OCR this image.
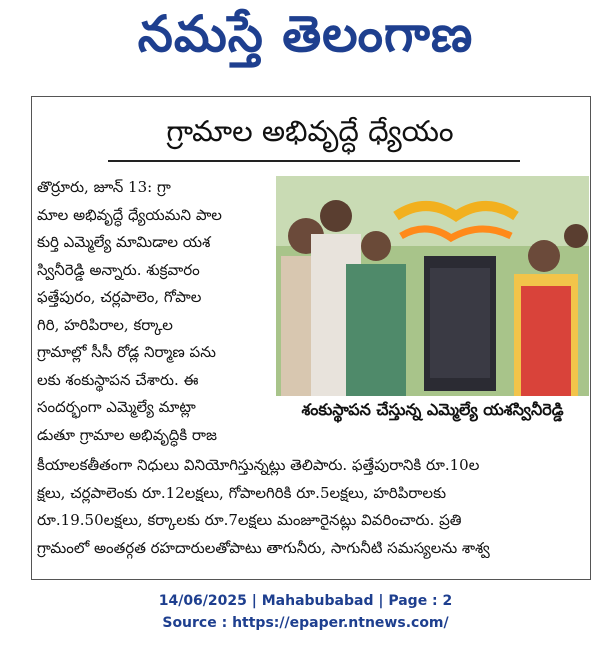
నమస్తే తెలంగాణ
గ్రామాల అభివృద్ధే ధ్యేయం
తొర్రూరు, జూన్ 13: గ్రా
మాల అభివృద్ధే ధ్యేయమని పాల
కుర్తి ఎమ్మెల్యే మామిడాల యశ
స్వినీరెడ్డి అన్నారు. శుక్రవారం
ఫత్తేపురం, చర్లపాలెం, గోపాల
గిరి, హరిపిరాల, కర్కాల
గ్రామాల్లో సీసీ రోడ్ల నిర్మాణ పను
లకు శంకుస్థాపన చేశారు. ఈ
సందర్భంగా ఎమ్మెల్యే మాట్లా
డుతూ గ్రామాల అభివృద్ధికి రాజ
శంకుస్థాపన చేస్తున్న ఎమ్మెల్యే యశస్వినీరెడ్డి
కీయాలకతీతంగా నిధులు వినియోగిస్తున్నట్లు తెలిపారు. ఫత్తేపురానికి రూ.10ల
క్షలు, చర్లపాలెంకు రూ.12లక్షలు, గోపాలగిరికి రూ.5లక్షలు, హరిపిరాలకు
రూ.19.50లక్షలు, కర్కాలకు రూ.7లక్షలు మంజూరైనట్లు వివరించారు. ప్రతి
గ్రామంలో అంతర్గత రహదారులతోపాటు తాగునీరు, సాగునీటి సమస్యలను శాశ్వ
14/06/2025 | Mahabubabad | Page : 2
Source : https://epaper.ntnews.com/
